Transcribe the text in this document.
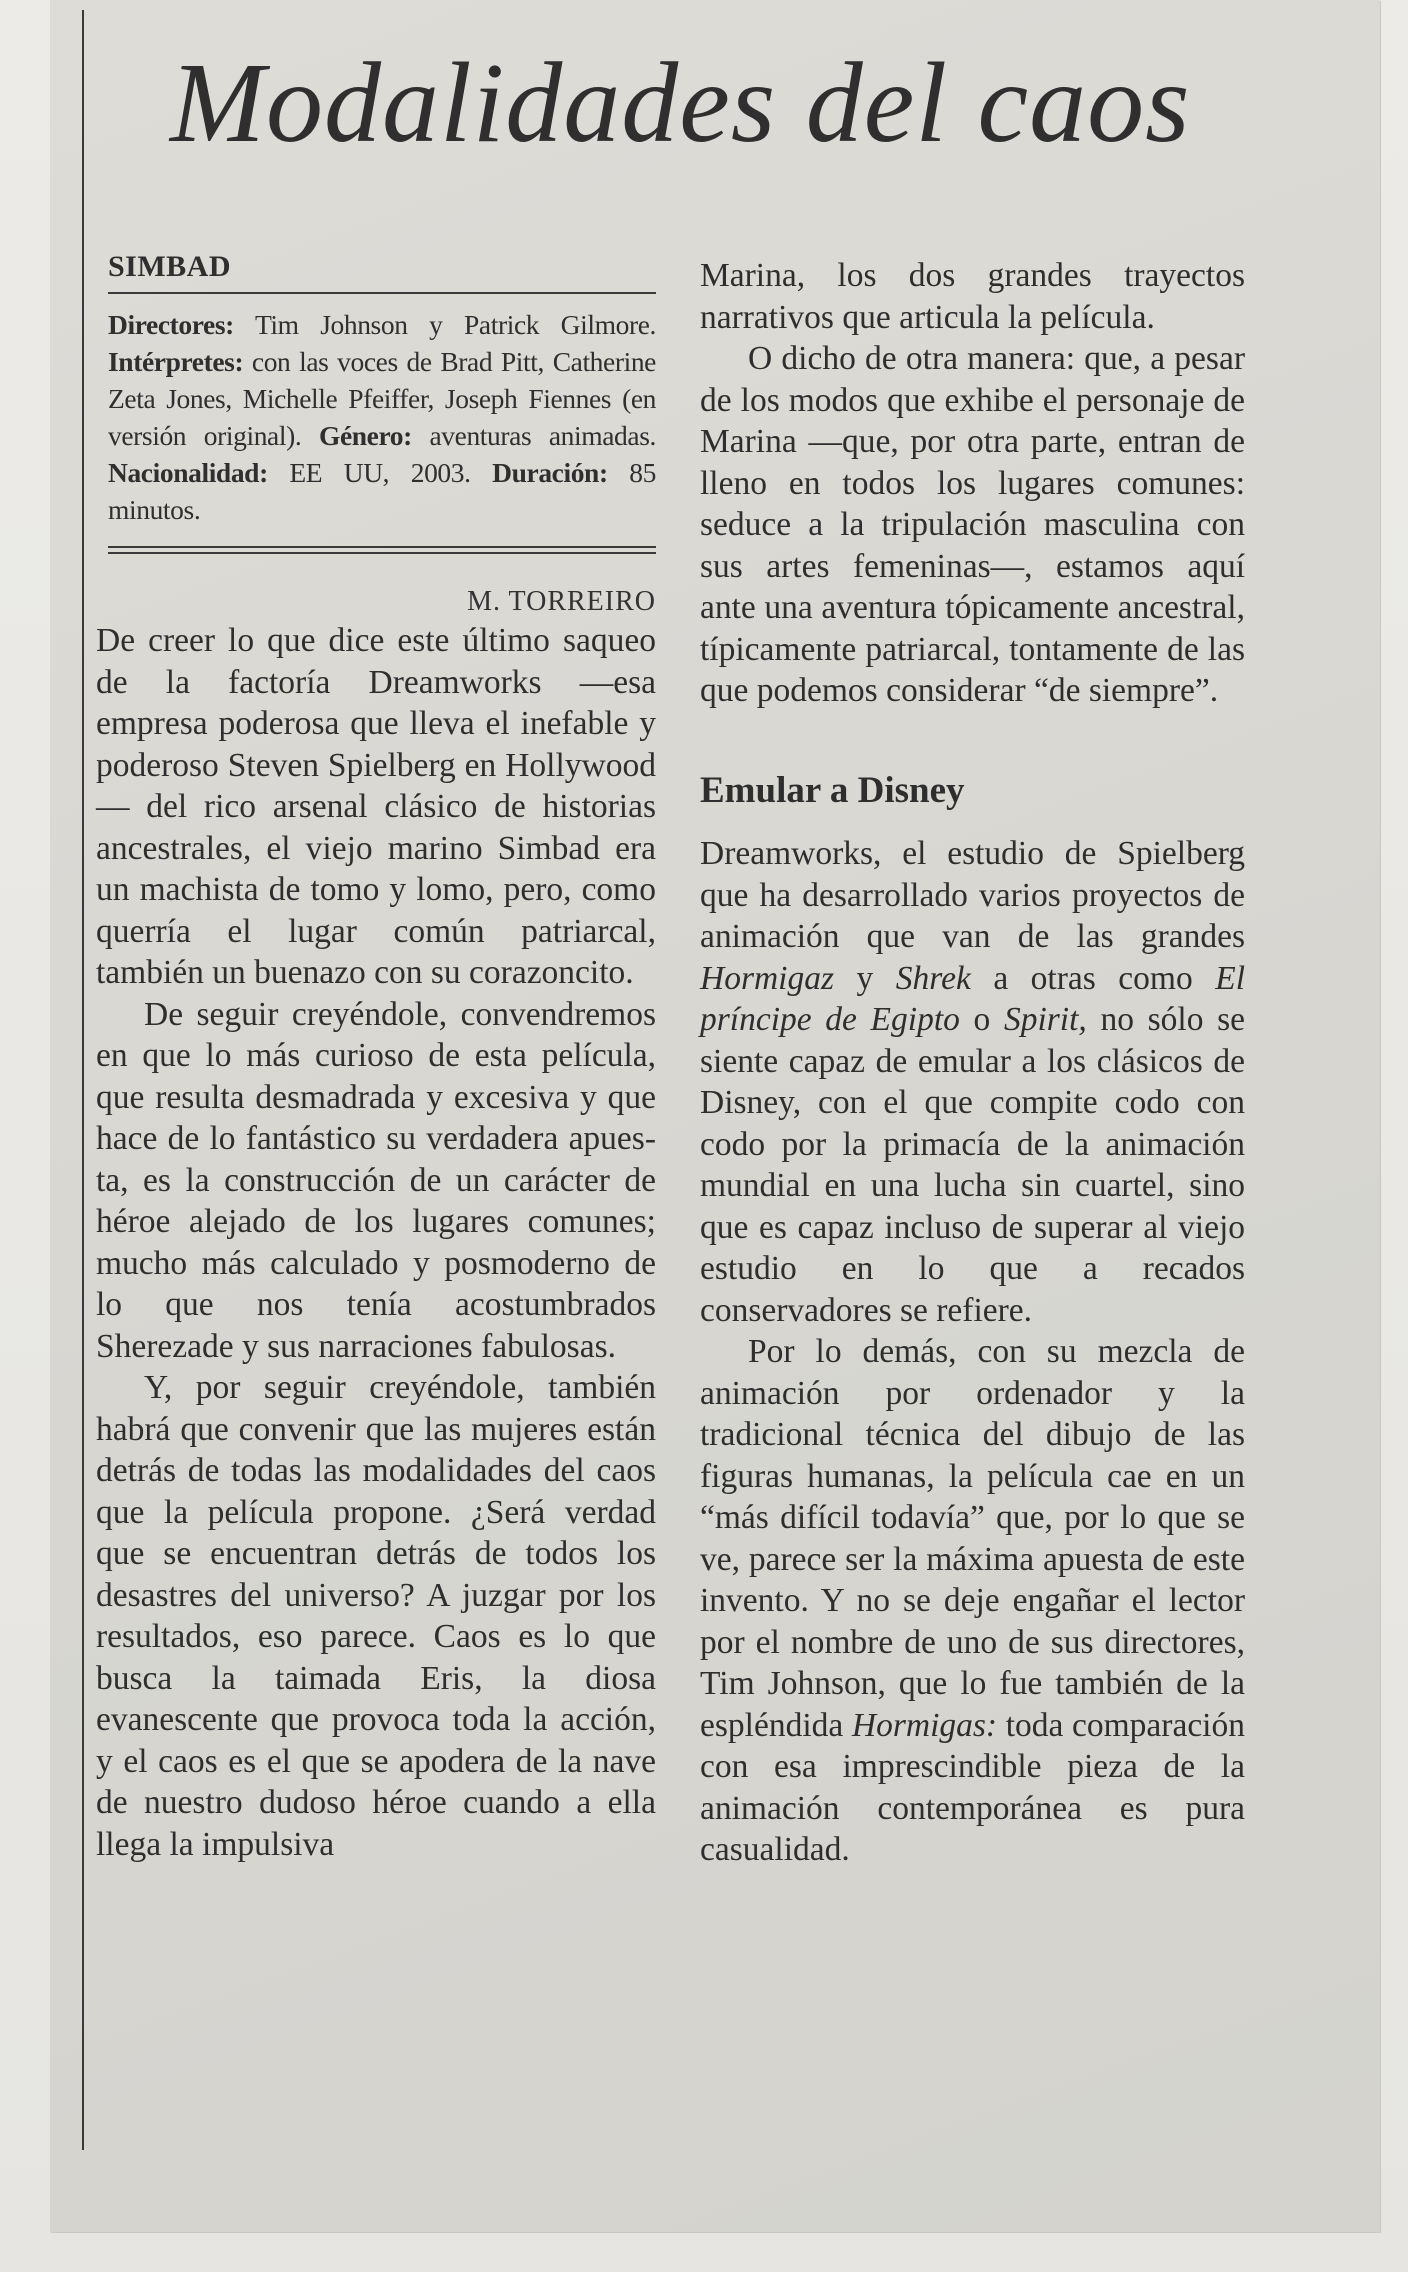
Modalidades del caos
SIMBAD
Directores: Tim Johnson y Patrick Gilmore. Intérpretes: con las voces de Brad Pitt, Catherine Zeta Jones, Michelle Pfeiffer, Joseph Fiennes (en versión original). Género: aventuras animadas. Nacionalidad: EE UU, 2003. Duración: 85 minutos.
M. TORREIRO

De creer lo que dice este último saqueo de la factoría Dreamworks —esa empresa poderosa que lleva el inefable y poderoso Steven Spielberg en Hollywood— del rico arsenal clásico de historias ancestrales, el viejo marino Simbad era un machista de tomo y lomo, pero, como querría el lugar común patriarcal, también un buenazo con su corazoncito.

De seguir creyéndole, convendremos en que lo más curioso de esta película, que resulta desmadrada y excesiva y que hace de lo fantástico su verdadera apuesta, es la construcción de un carácter de héroe alejado de los lugares comunes; mucho más calculado y posmoderno de lo que nos tenía acostumbrados Sherezade y sus narraciones fabulosas.

Y, por seguir creyéndole, también habrá que convenir que las mujeres están detrás de todas las modalidades del caos que la película propone. ¿Será verdad que se encuentran detrás de todos los desastres del universo? A juzgar por los resultados, eso parece. Caos es lo que busca la taimada Eris, la diosa evanescente que provoca toda la acción, y el caos es el que se apodera de la nave de nuestro dudoso héroe cuando a ella llega la impulsiva

Marina, los dos grandes trayectos narrativos que articula la película.

O dicho de otra manera: que, a pesar de los modos que exhibe el personaje de Marina —que, por otra parte, entran de lleno en todos los lugares comunes: seduce a la tripulación masculina con sus artes femeninas—, estamos aquí ante una aventura tópicamente ancestral, típicamente patriarcal, tontamente de las que podemos considerar “de siempre”.

Emular a Disney

Dreamworks, el estudio de Spielberg que ha desarrollado varios proyectos de animación que van de las grandes Hormigaz y Shrek a otras como El príncipe de Egipto o Spirit, no sólo se siente capaz de emular a los clásicos de Disney, con el que compite codo con codo por la primacía de la animación mundial en una lucha sin cuartel, sino que es capaz incluso de superar al viejo estudio en lo que a recados conservadores se refiere.

Por lo demás, con su mezcla de animación por ordenador y la tradicional técnica del dibujo de las figuras humanas, la película cae en un “más difícil todavía” que, por lo que se ve, parece ser la máxima apuesta de este invento. Y no se deje engañar el lector por el nombre de uno de sus directores, Tim Johnson, que lo fue también de la espléndida Hormigas: toda comparación con esa imprescindible pieza de la animación contemporánea es pura casualidad.
